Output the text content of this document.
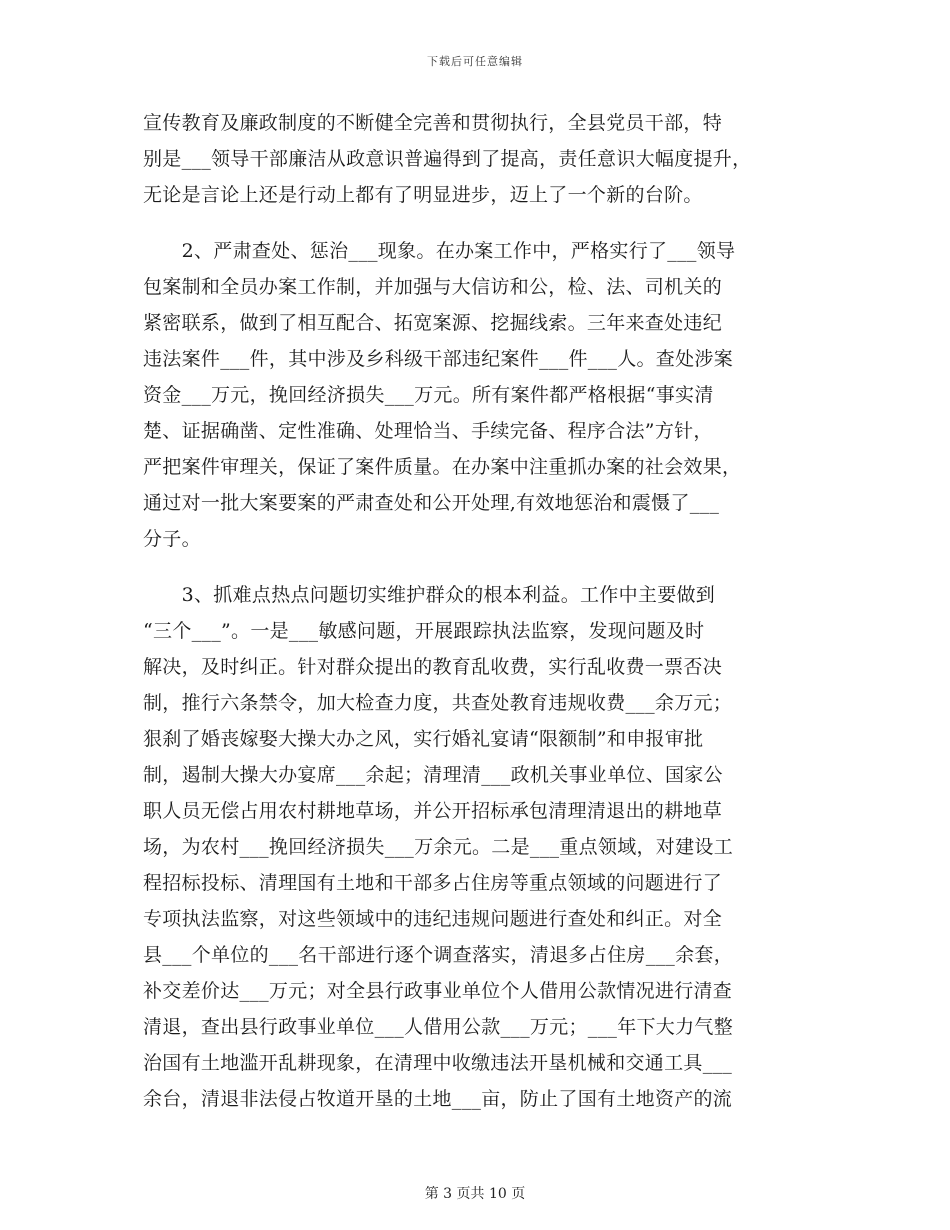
下载后可任意编辑
宣传教育及廉政制度的不断健全完善和贯彻执行，全县党员干部，特
别是___领导干部廉洁从政意识普遍得到了提高，责任意识大幅度提升，
无论是言论上还是行动上都有了明显进步，迈上了一个新的台阶。
　　2、严肃查处、惩治___现象。在办案工作中，严格实行了___领导
包案制和全员办案工作制，并加强与大信访和公，检、法、司机关的
紧密联系，做到了相互配合、拓宽案源、挖掘线索。三年来查处违纪
违法案件___件，其中涉及乡科级干部违纪案件___件___人。查处涉案
资金___万元，挽回经济损失___万元。所有案件都严格根据“事实清
楚、证据确凿、定性准确、处理恰当、手续完备、程序合法”方针，
严把案件审理关，保证了案件质量。在办案中注重抓办案的社会效果，
通过对一批大案要案的严肃查处和公开处理,有效地惩治和震慑了___
分子。
　　3、抓难点热点问题切实维护群众的根本利益。工作中主要做到
“三个___”。一是___敏感问题，开展跟踪执法监察，发现问题及时
解决，及时纠正。针对群众提出的教育乱收费，实行乱收费一票否决
制，推行六条禁令，加大检查力度，共查处教育违规收费___余万元；
狠刹了婚丧嫁娶大操大办之风，实行婚礼宴请“限额制”和申报审批
制，遏制大操大办宴席___余起；清理清___政机关事业单位、国家公
职人员无偿占用农村耕地草场，并公开招标承包清理清退出的耕地草
场，为农村___挽回经济损失___万余元。二是___重点领域，对建设工
程招标投标、清理国有土地和干部多占住房等重点领域的问题进行了
专项执法监察，对这些领域中的违纪违规问题进行查处和纠正。对全
县___个单位的___名干部进行逐个调查落实，清退多占住房___余套，
补交差价达___万元；对全县行政事业单位个人借用公款情况进行清查
清退，查出县行政事业单位___人借用公款___万元；___年下大力气整
治国有土地滥开乱耕现象，在清理中收缴违法开垦机械和交通工具___
余台，清退非法侵占牧道开垦的土地___亩，防止了国有土地资产的流
第 3 页共 10 页
